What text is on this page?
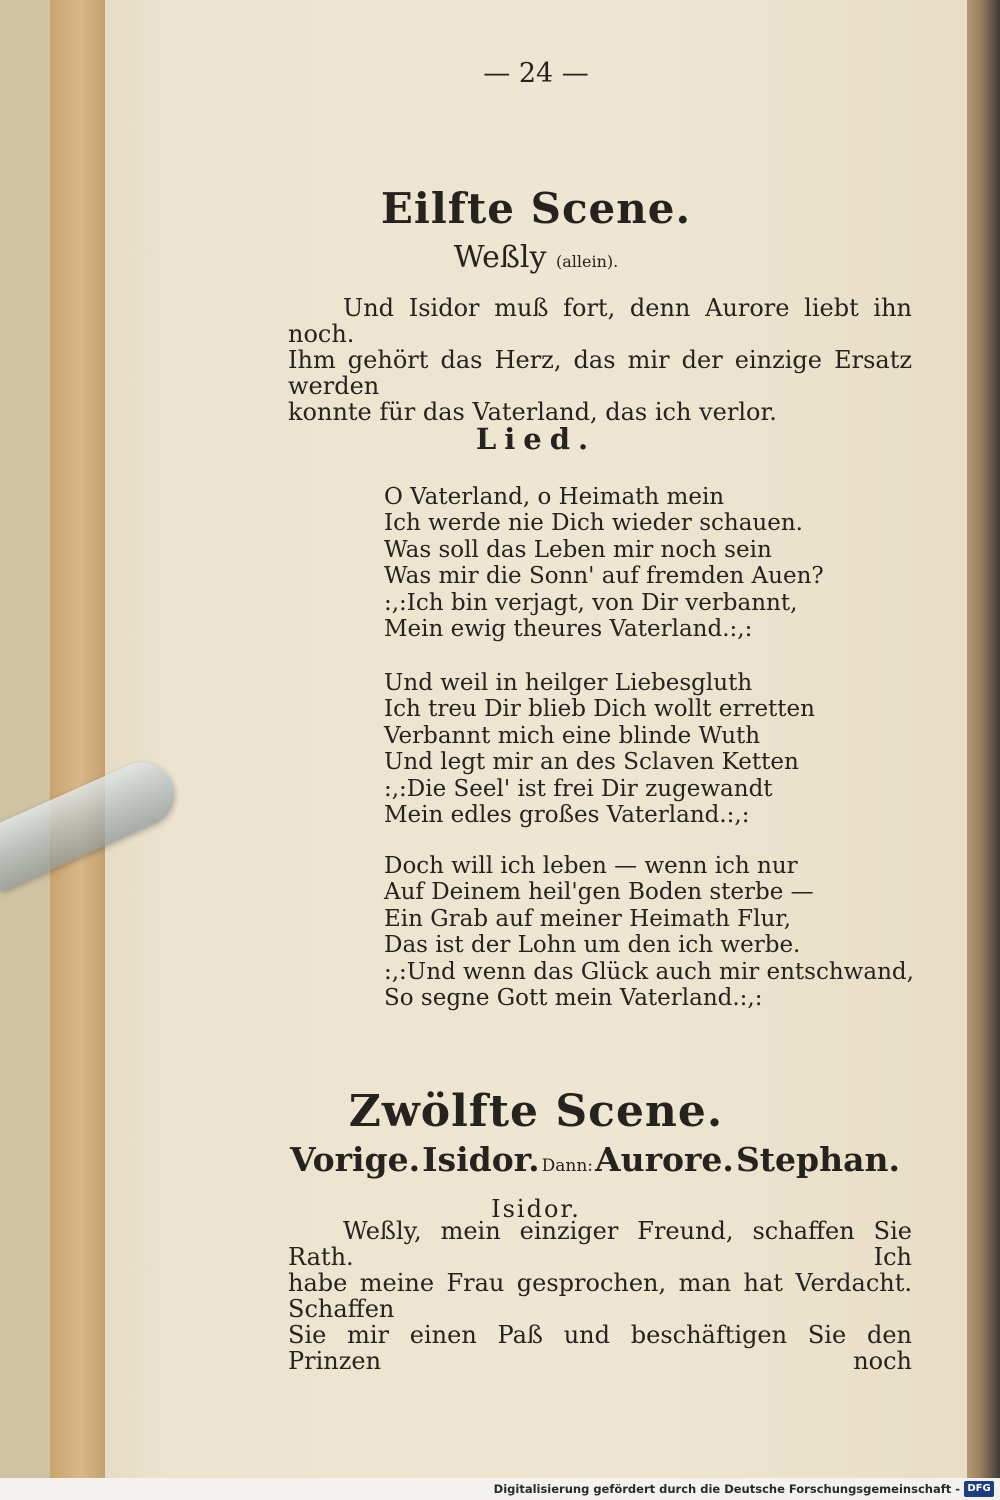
— 24 —
Eilfte Scene.
Weßly (allein).

Und Isidor muß fort, denn Aurore liebt ihn noch.

Ihm gehört das Herz, das mir der einzige Ersatz werden

konnte für das Vaterland, das ich verlor.

Lied.
O Vaterland, o Heimath mein
Ich werde nie Dich wieder schauen.
Was soll das Leben mir noch sein
Was mir die Sonn' auf fremden Auen?
:,:Ich bin verjagt, von Dir verbannt,
Mein ewig theures Vaterland.:,:
Und weil in heilger Liebesgluth
Ich treu Dir blieb Dich wollt erretten
Verbannt mich eine blinde Wuth
Und legt mir an des Sclaven Ketten
:,:Die Seel' ist frei Dir zugewandt
Mein edles großes Vaterland.:,:
Doch will ich leben — wenn ich nur
Auf Deinem heil'gen Boden sterbe —
Ein Grab auf meiner Heimath Flur,
Das ist der Lohn um den ich werbe.
:,:Und wenn das Glück auch mir entschwand,
So segne Gott mein Vaterland.:,:
Zwölfte Scene.
Vorige. Isidor. Dann: Aurore. Stephan.
Isidor.

Weßly, mein einziger Freund, schaffen Sie Rath. Ich

habe meine Frau gesprochen, man hat Verdacht. Schaffen

Sie mir einen Paß und beschäftigen Sie den Prinzen noch

Digitalisierung gefördert durch die Deutsche Forschungsgemeinschaft - DFG
